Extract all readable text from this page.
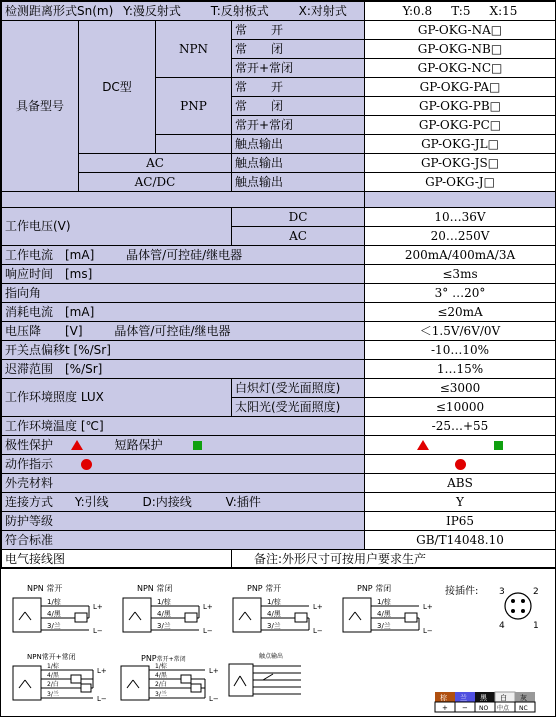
检测距离形式Sn(m) Y:漫反射式 T:反射板式 X:对射式				Y:0.8     T:5     X:15
具备型号	DC型	NPN	常　　开	GP-OKG-NA□
			常　　闭	GP-OKG-NB□
			常开+常闭	GP-OKG-NC□
		PNP	常　　开	GP-OKG-PA□
			常　　闭	GP-OKG-PB□
			常开+常闭	GP-OKG-PC□
			触点输出	GP-OKG-JL□
	AC		触点输出	GP-OKG-JS□
	AC/DC		触点输出	GP-OKG-J□

工作电压(V)			DC	10…36V
			AC	20…250V
工作电流　[mA] 晶体管/可控硅/继电器				200mA/400mA/3A
响应时间　[ms]				≤3ms
指向角				3° …20°
消耗电流　[mA]				≤20mA
电压降　　[V] 晶体管/可控硅/继电器				＜1.5V/6V/0V
开关点偏移t [%/Sr]				-10…10%
迟滞范围　[%/Sr]				1…15%
工作环境照度 LUX			白炽灯(受光面照度)	≤3000
			太阳光(受光面照度)	≤10000
工作环境温度 [℃]				-25…+55
极性保护 短路保护				
动作指示				
外壳材料				ABS
连接方式 Y:引线 D:内接线 V:插件				Y
防护等级				IP65
符合标准				GB/T14048.10
电气接线图			备注:外形尺寸可按用户要求生产	
NPN 常开
1/棕
4/黑
3/兰
L+
L−
NPN 常闭
1/棕
4/黑
3/兰
L+
L−
PNP 常开
1/棕
4/黑
3/兰
L+
L−
PNP 常闭
1/棕
4/黑
3/兰
L+
L−
接插件: 3	2
4	1
NPN常开+常闭
1/棕
4/黑
2/白
3/兰
L+
L−
PNP常开+常闭
1/棕
4/黑
2/白
3/兰
L+
L−
触点输出
棕 兰 黑 白 灰
+ − NO 中点 NC
